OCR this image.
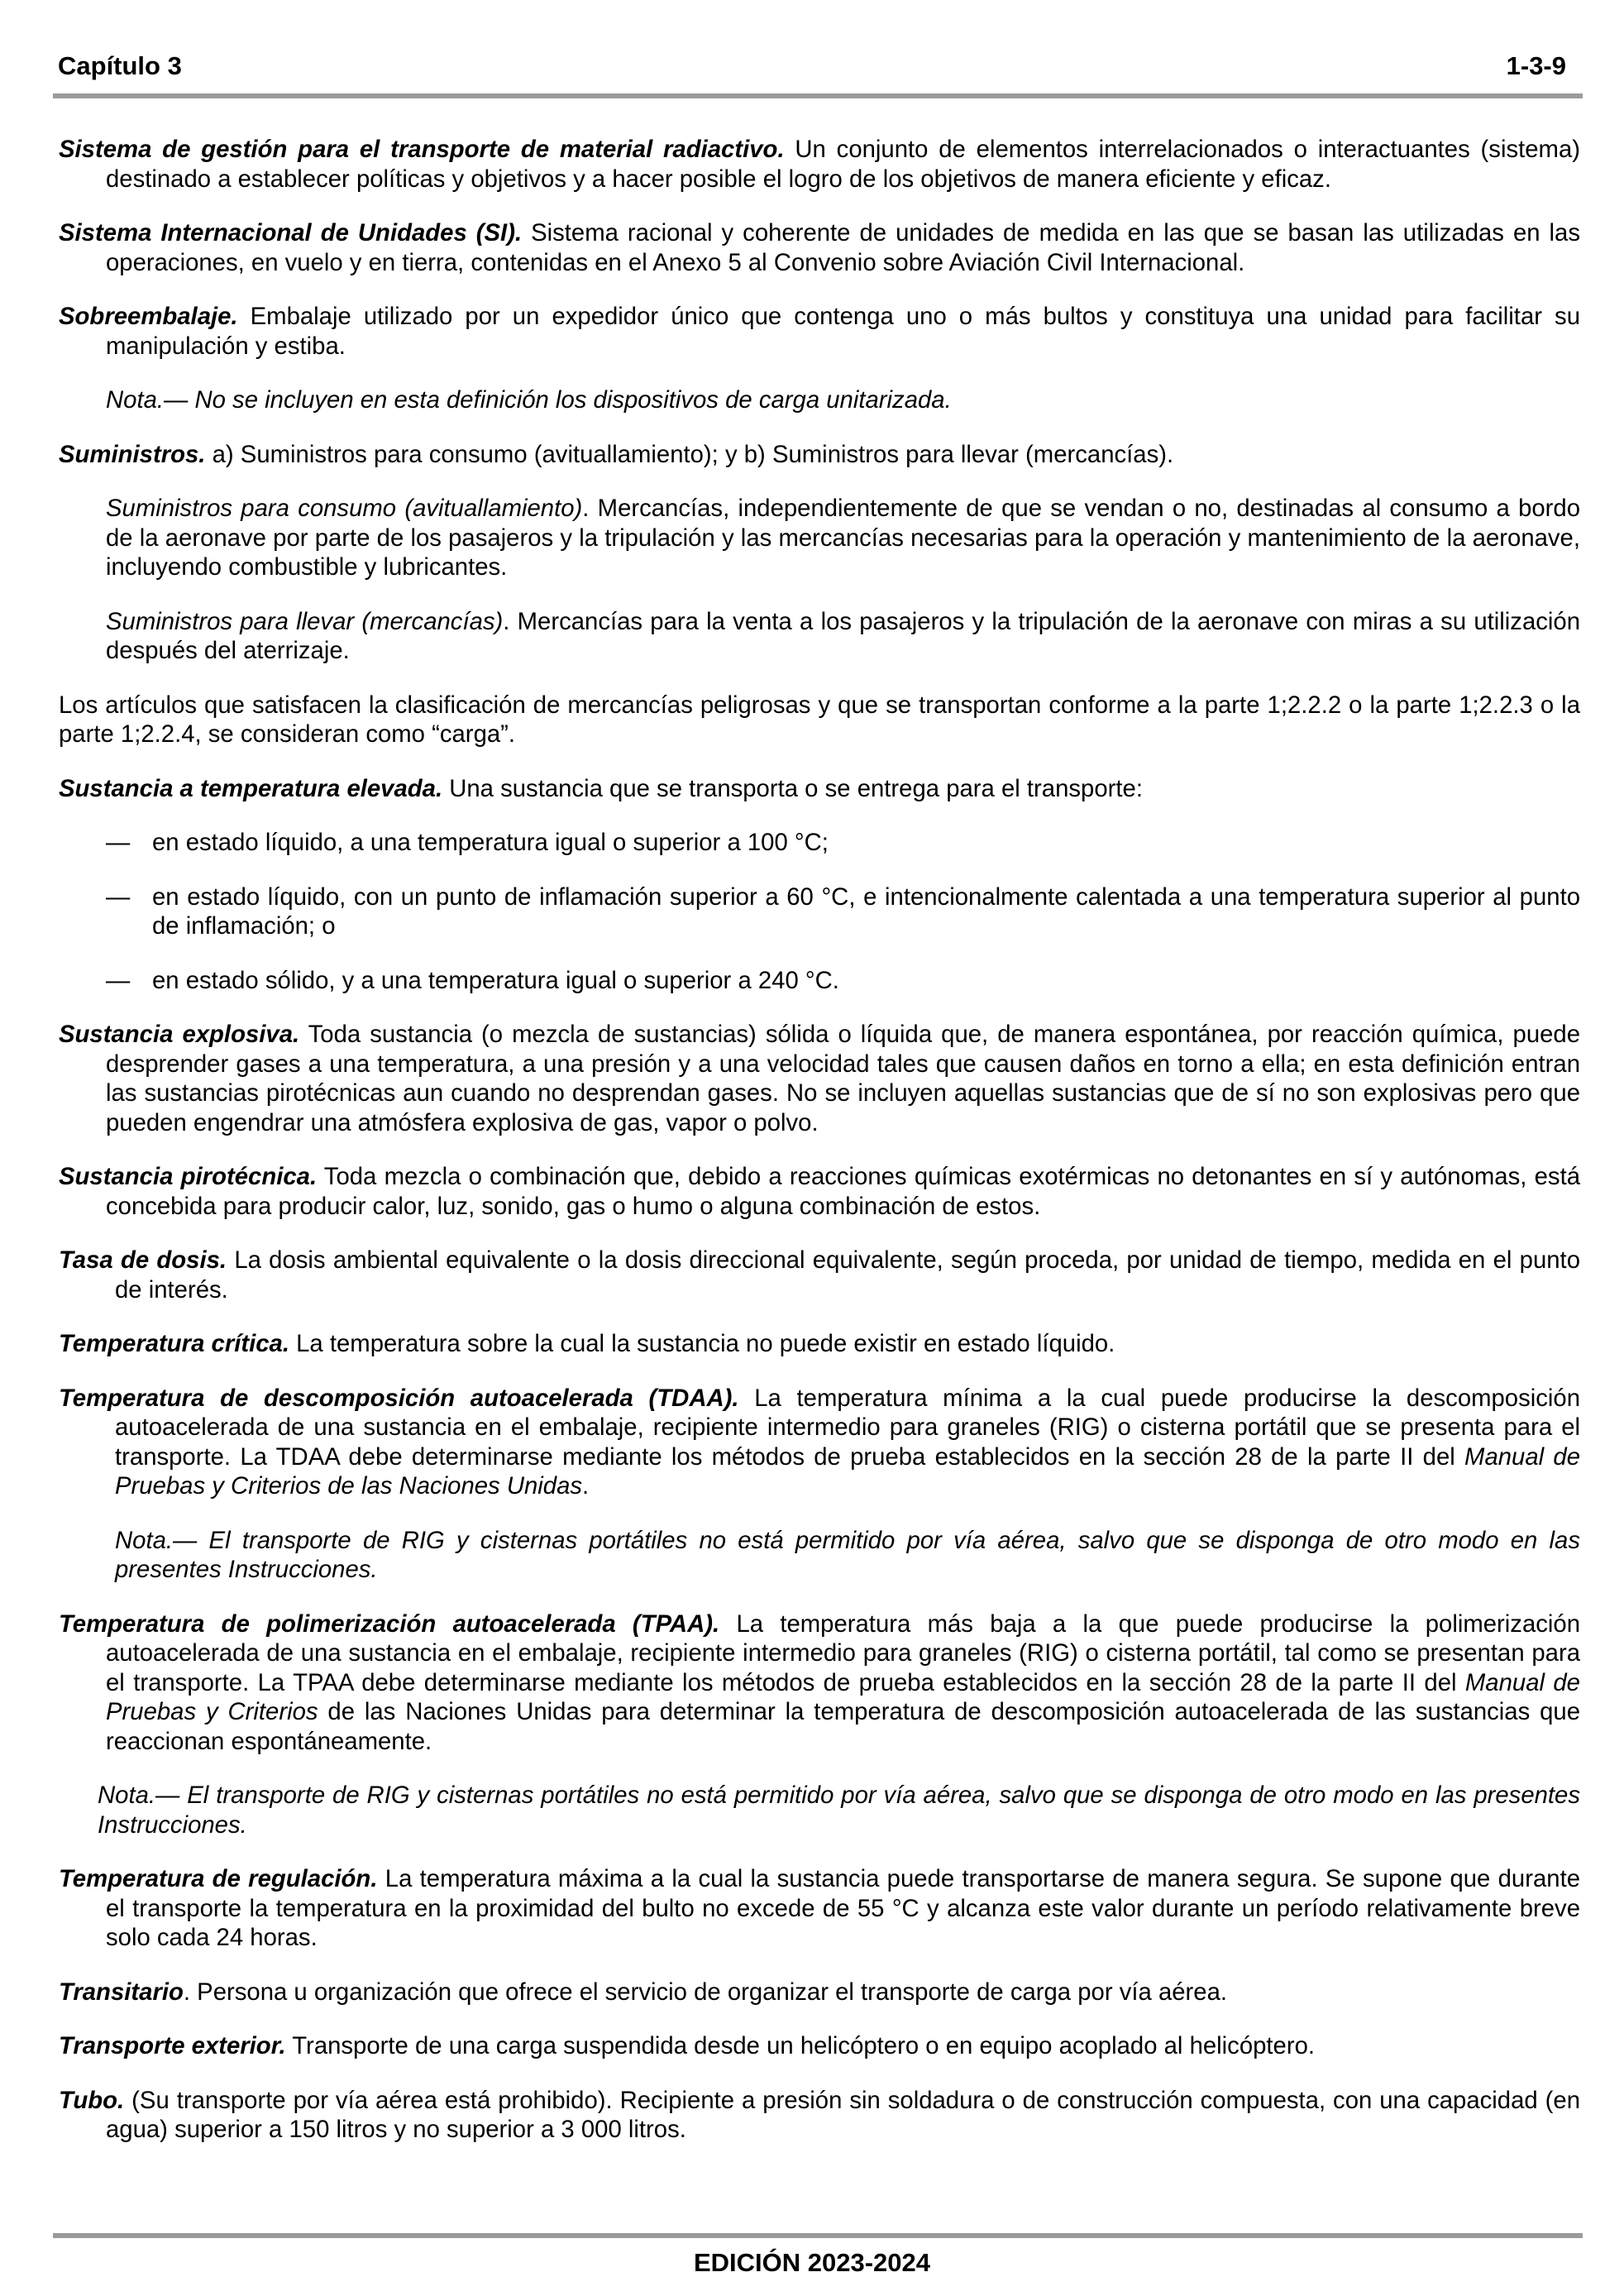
Capítulo 3	1-3-9

Sistema de gestión para el transporte de material radiactivo. Un conjunto de elementos interrelacionados o interactuantes (sistema) destinado a establecer políticas y objetivos y a hacer posible el logro de los objetivos de manera eficiente y eficaz.

Sistema Internacional de Unidades (SI). Sistema racional y coherente de unidades de medida en las que se basan las utilizadas en las operaciones, en vuelo y en tierra, contenidas en el Anexo 5 al Convenio sobre Aviación Civil Internacional.

Sobreembalaje. Embalaje utilizado por un expedidor único que contenga uno o más bultos y constituya una unidad para facilitar su manipulación y estiba.

Nota.— No se incluyen en esta definición los dispositivos de carga unitarizada.

Suministros. a) Suministros para consumo (avituallamiento); y b) Suministros para llevar (mercancías).

Suministros para consumo (avituallamiento). Mercancías, independientemente de que se vendan o no, destinadas al consumo a bordo de la aeronave por parte de los pasajeros y la tripulación y las mercancías necesarias para la operación y mantenimiento de la aeronave, incluyendo combustible y lubricantes.

Suministros para llevar (mercancías). Mercancías para la venta a los pasajeros y la tripulación de la aeronave con miras a su utilización después del aterrizaje.

Los artículos que satisfacen la clasificación de mercancías peligrosas y que se transportan conforme a la parte 1;2.2.2 o la parte 1;2.2.3 o la parte 1;2.2.4, se consideran como “carga”.

Sustancia a temperatura elevada. Una sustancia que se transporta o se entrega para el transporte:

— en estado líquido, a una temperatura igual o superior a 100 °C;

— en estado líquido, con un punto de inflamación superior a 60 °C, e intencionalmente calentada a una temperatura superior al punto de inflamación; o

— en estado sólido, y a una temperatura igual o superior a 240 °C.

Sustancia explosiva. Toda sustancia (o mezcla de sustancias) sólida o líquida que, de manera espontánea, por reacción química, puede desprender gases a una temperatura, a una presión y a una velocidad tales que causen daños en torno a ella; en esta definición entran las sustancias pirotécnicas aun cuando no desprendan gases. No se incluyen aquellas sustancias que de sí no son explosivas pero que pueden engendrar una atmósfera explosiva de gas, vapor o polvo.

Sustancia pirotécnica. Toda mezcla o combinación que, debido a reacciones químicas exotérmicas no detonantes en sí y autónomas, está concebida para producir calor, luz, sonido, gas o humo o alguna combinación de estos.

Tasa de dosis. La dosis ambiental equivalente o la dosis direccional equivalente, según proceda, por unidad de tiempo, medida en el punto de interés.

Temperatura crítica. La temperatura sobre la cual la sustancia no puede existir en estado líquido.

Temperatura de descomposición autoacelerada (TDAA). La temperatura mínima a la cual puede producirse la descomposición autoacelerada de una sustancia en el embalaje, recipiente intermedio para graneles (RIG) o cisterna portátil que se presenta para el transporte. La TDAA debe determinarse mediante los métodos de prueba establecidos en la sección 28 de la parte II del Manual de Pruebas y Criterios de las Naciones Unidas.

Nota.— El transporte de RIG y cisternas portátiles no está permitido por vía aérea, salvo que se disponga de otro modo en las presentes Instrucciones.

Temperatura de polimerización autoacelerada (TPAA). La temperatura más baja a la que puede producirse la polimerización autoacelerada de una sustancia en el embalaje, recipiente intermedio para graneles (RIG) o cisterna portátil, tal como se presentan para el transporte. La TPAA debe determinarse mediante los métodos de prueba establecidos en la sección 28 de la parte II del Manual de Pruebas y Criterios de las Naciones Unidas para determinar la temperatura de descomposición autoacelerada de las sustancias que reaccionan espontáneamente.

Nota.— El transporte de RIG y cisternas portátiles no está permitido por vía aérea, salvo que se disponga de otro modo en las presentes Instrucciones.

Temperatura de regulación. La temperatura máxima a la cual la sustancia puede transportarse de manera segura. Se supone que durante el transporte la temperatura en la proximidad del bulto no excede de 55 °C y alcanza este valor durante un período relativamente breve solo cada 24 horas.

Transitario. Persona u organización que ofrece el servicio de organizar el transporte de carga por vía aérea.

Transporte exterior. Transporte de una carga suspendida desde un helicóptero o en equipo acoplado al helicóptero.

Tubo. (Su transporte por vía aérea está prohibido). Recipiente a presión sin soldadura o de construcción compuesta, con una capacidad (en agua) superior a 150 litros y no superior a 3 000 litros.

EDICIÓN 2023-2024
